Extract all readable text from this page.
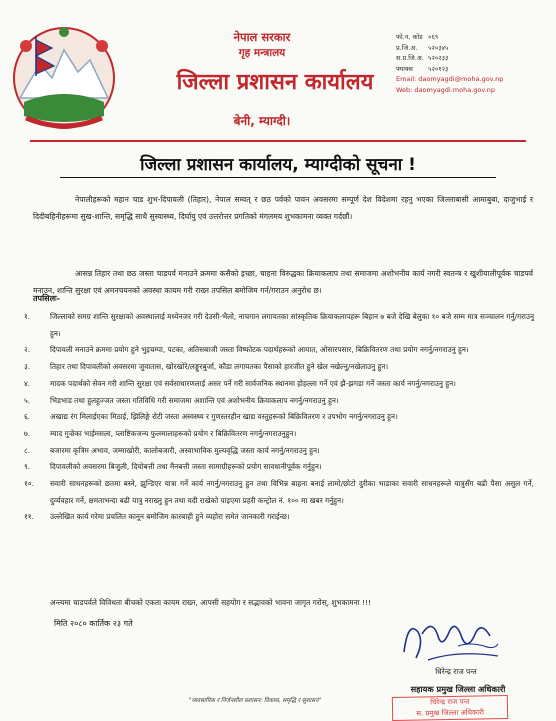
नेपाल सरकार
गृह मन्त्रालय
जिल्ला प्रशासन कार्यालय
बेनी, म्याग्दी।
फो.न. कोड ०६९
प्र.जि.अ. ५२०३४५
स.प्र.जि.अ. ५२०२३३
फ्याक्स ५२०१२३
Email: daomyagdi@moha.gov.np
Web: daomyagdi.moha.gov.np
जिल्ला प्रशासन कार्यालय, म्याग्दीको सूचना !
नेपालीहरूको महान चाड शुभ-दिपावली (तिहार), नेपाल सम्वत् र छठ पर्वको पावन अवसरमा सम्पूर्ण देश विदेशमा रहनु भएका जिल्लाबासी आमाबुबा, दाजुभाई र दिदीबहिनीहरूमा सुख-शान्ति, समृद्धि साथै सुस्वास्थ्य, दिर्घायु एवं उत्तरोत्तर प्रगतिको मंगलमय शुभकामना व्यक्त गर्दछौं।
आसन्न तिहार तथा छठ जस्ता चाडपर्व मनाउने क्रममा कसैको इच्छा, चाहना विरुद्धका क्रियाकलाप तथा समाजमा अशोभनीय कार्य नगरी स्वतन्त्र र खुशीयालीपूर्वक चाडपर्व मनाउन, शान्ति सुरक्षा एवं अमनचयनको अवस्था कायम गरी राख्न तपसिल बमोजिम गर्न/गराउन अनुरोध छ।
तपसिलः-
१.	जिल्लाको समग्र शान्ति सुरक्षाको अवस्थालाई मध्येनजर गरी देउसी-भैलो, नाचगान लगायतका सांस्कृतिक क्रियाकलापहरू बिहान ७ बजे देखि बेलुका १० बजे सम्म मात्र सञ्चालन गर्नु/गराउनु हुन।
२.	दिपावली मनाउने क्रममा प्रयोग हुने भुइचम्पा, पटका, अतिसबाजी जस्ता विष्फोटक पदार्थहरूको आयात, ओसारपसार, बिक्रिवितरण तथा प्रयोग नगर्नु/नगराउनु हुन।
३.	तिहार तथा दिपावलीको अवसरमा जुवातास, खोरखोरे/लङ्गुरबुर्जा, कौडा लगायतका पैसाको हारजीत हुने खेल नखेल्नु/नखेलाउनु हुन।
४.	मादक पदार्थको सेवन गरी शान्ति सुरक्षा एवं सर्वसाधारणलाई असर पर्ने गरी सार्वजनिक स्थानमा होहल्ला गर्ने एवं झै-झगडा गर्ने जस्ता कार्य नगर्नु/नगराउनु हुन।
५.	भिडभाड तथा हुलहुज्जत जस्ता गतिविधि गरी समाजमा अशान्ति एवं अशोभनीय क्रियाकलाप नगर्नु/नगराउनु हुन।
६.	अखाद्य रंग मिलाईएका मिठाई, झिलिङ्गे रोटी जस्ता अस्वस्थ्य र गुणस्तरहीन खाद्य वस्तुहरूको बिक्रिवितरण र उपभोग नगर्नु/नगराउनु हुन।
७.	म्याद गुज्रेका भाईमसला, प्लाष्टिकजन्य फुलमालाहरूको प्रयोग र बिक्रिवितरण नगर्नु/नगराउनुहुन।
८.	बजारमा कृत्रिम अभाव, जम्माखोरी, कालोबजारी, अस्वाभाविक मुल्यवृद्धि जस्ता कार्य नगर्नु/नगराउनु हुन।
९.	दिपावलीको अवसरमा बिजुली, दियोबत्ती तथा मैनबत्ती जस्ता सामाग्रीहरूको प्रयोग सावधानीपूर्वक गर्नुहुन।
१०.	सवारी साधनहरूको छतमा बस्ने, झुन्डिएर यात्रा गर्ने कार्य नगर्नु/नगराउनु हुन तथा विभिन्न बाहना बनाई लामो/छोटो दुरीका भाडाका सवारी साधनहरूले यात्रुसँग बढी पैसा असुल गर्ने, दुर्व्यवहार गर्ने, क्षमताभन्दा बढी यात्रु नराख्नु हुन तथा यदी राखेको पाइएमा प्रहरी कन्ट्रोल नं. १०० मा खबर गर्नुहुन।
११.	उल्लेखित कार्य गरेमा प्रचलित कानून बमोजिम कारबाही हुने व्यहोरा समेत जानकारी गराईन्छ।
अन्त्यमा चाडपर्वले विविधता बीचको एकता कायम राख्न, आपसी सहयोग र सद्भावको भावना जागृत गरोस्, शुभकामना !!!
मिति २०८० कार्तिक २३ गते
धिरेन्द्र राज पन्त
सहायक प्रमुख जिल्ला अधिकारी
धिरेन्द्र राज पन्त
स. प्रमुख जिल्ला अधिकारी
"व्यवसायिक र निर्जनशील प्रशासन: विकास, समृद्धि र सुशासन"
